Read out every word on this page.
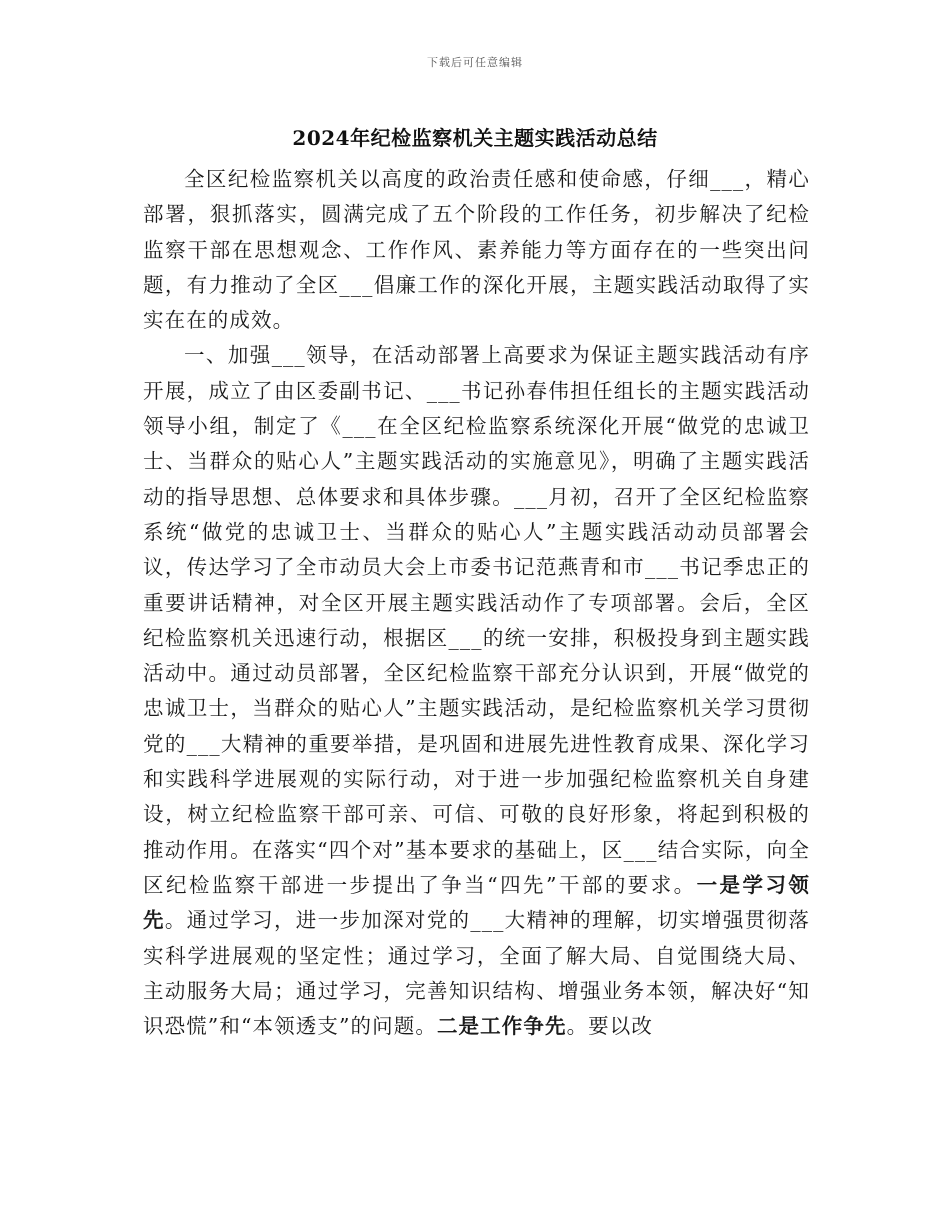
下载后可任意编辑
2024年纪检监察机关主题实践活动总结

全区纪检监察机关以高度的政治责任感和使命感，仔细___，精心部署，狠抓落实，圆满完成了五个阶段的工作任务，初步解决了纪检监察干部在思想观念、工作作风、素养能力等方面存在的一些突出问题，有力推动了全区___倡廉工作的深化开展，主题实践活动取得了实实在在的成效。

一、加强___领导，在活动部署上高要求为保证主题实践活动有序开展，成立了由区委副书记、___书记孙春伟担任组长的主题实践活动领导小组，制定了《___在全区纪检监察系统深化开展“做党的忠诚卫士、当群众的贴心人”主题实践活动的实施意见》，明确了主题实践活动的指导思想、总体要求和具体步骤。___月初，召开了全区纪检监察系统“做党的忠诚卫士、当群众的贴心人”主题实践活动动员部署会议，传达学习了全市动员大会上市委书记范燕青和市___书记季忠正的重要讲话精神，对全区开展主题实践活动作了专项部署。会后，全区纪检监察机关迅速行动，根据区___的统一安排，积极投身到主题实践活动中。通过动员部署，全区纪检监察干部充分认识到，开展“做党的忠诚卫士，当群众的贴心人”主题实践活动，是纪检监察机关学习贯彻党的___大精神的重要举措，是巩固和进展先进性教育成果、深化学习和实践科学进展观的实际行动，对于进一步加强纪检监察机关自身建设，树立纪检监察干部可亲、可信、可敬的良好形象，将起到积极的推动作用。在落实“四个对”基本要求的基础上，区___结合实际，向全区纪检监察干部进一步提出了争当“四先”干部的要求。一是学习领先。通过学习，进一步加深对党的___大精神的理解，切实增强贯彻落实科学进展观的坚定性；通过学习，全面了解大局、自觉围绕大局、主动服务大局；通过学习，完善知识结构、增强业务本领，解决好“知识恐慌”和“本领透支”的问题。二是工作争先。要以改
